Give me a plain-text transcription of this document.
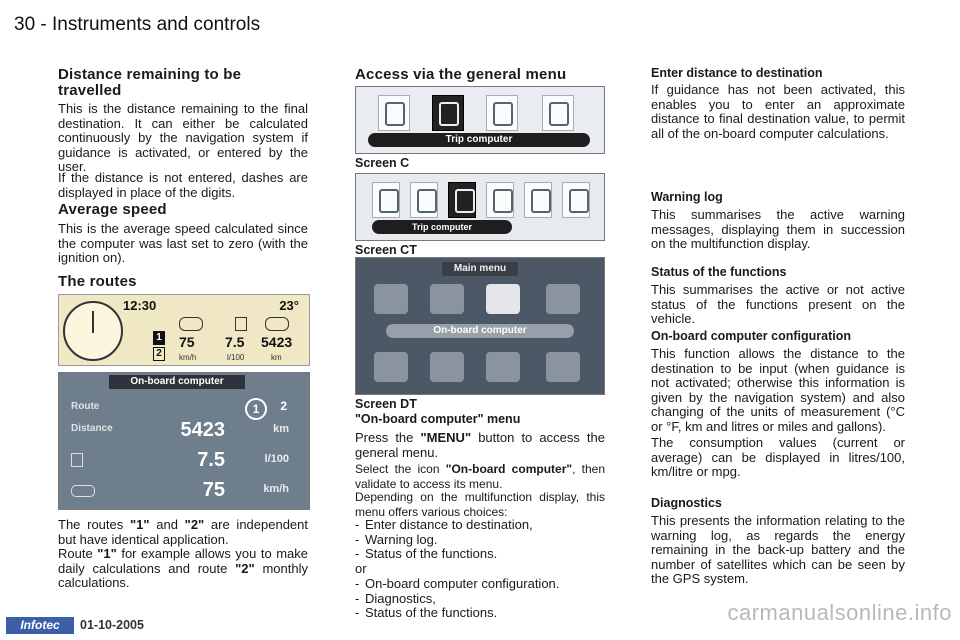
30 - Instruments and controls
Distance remaining to be travelled

This is the distance remaining to the final destination. It can either be calculated continuously by the navigation system if guidance is activated, or entered by the user.

If the distance is not entered, dashes are displayed in place of the digits.

Average speed

This is the average speed calculated since the computer was last set to zero (with the ignition on).

The routes
12:30	23°
1
2
75 7.5 5423
km/h	l/100	km
On-board computer
Route	1	2
Distance	5423	km
7.5	l/100
75	km/h

The routes "1" and "2" are independent but have identical application.

Route "1" for example allows you to make daily calculations and route "2" monthly calculations.

Access via the general menu
Trip computer
Screen C
Trip computer
Screen CT
Main menu
On-board computer
Screen DT
"On-board computer" menu

Press the "MENU" button to access the general menu.

Select the icon "On-board computer", then validate to access its menu.

Depending on the multifunction display, this menu offers various choices:

- Enter distance to destination,
- Warning log.
- Status of the functions.
or
- On-board computer configuration.
- Diagnostics,
- Status of the functions.
Enter distance to destination

If guidance has not been activated, this enables you to enter an approximate distance to final destination value, to permit all of the on-board computer calculations.

Warning log

This summarises the active warning messages, displaying them in succession on the multifunction display.

Status of the functions

This summarises the active or not active status of the functions present on the vehicle.

On-board computer configuration

This function allows the distance to the destination to be input (when guidance is not activated; otherwise this information is given by the navigation system) and also changing of the units of measurement (°C or °F, km and litres or miles and gallons).

The consumption values (current or average) can be displayed in litres/100, km/litre or mpg.

Diagnostics

This presents the information relating to the warning log, as regards the energy remaining in the back-up battery and the number of satellites which can be seen by the GPS system.

Infotec	01-10-2005	carmanualsonline.info
